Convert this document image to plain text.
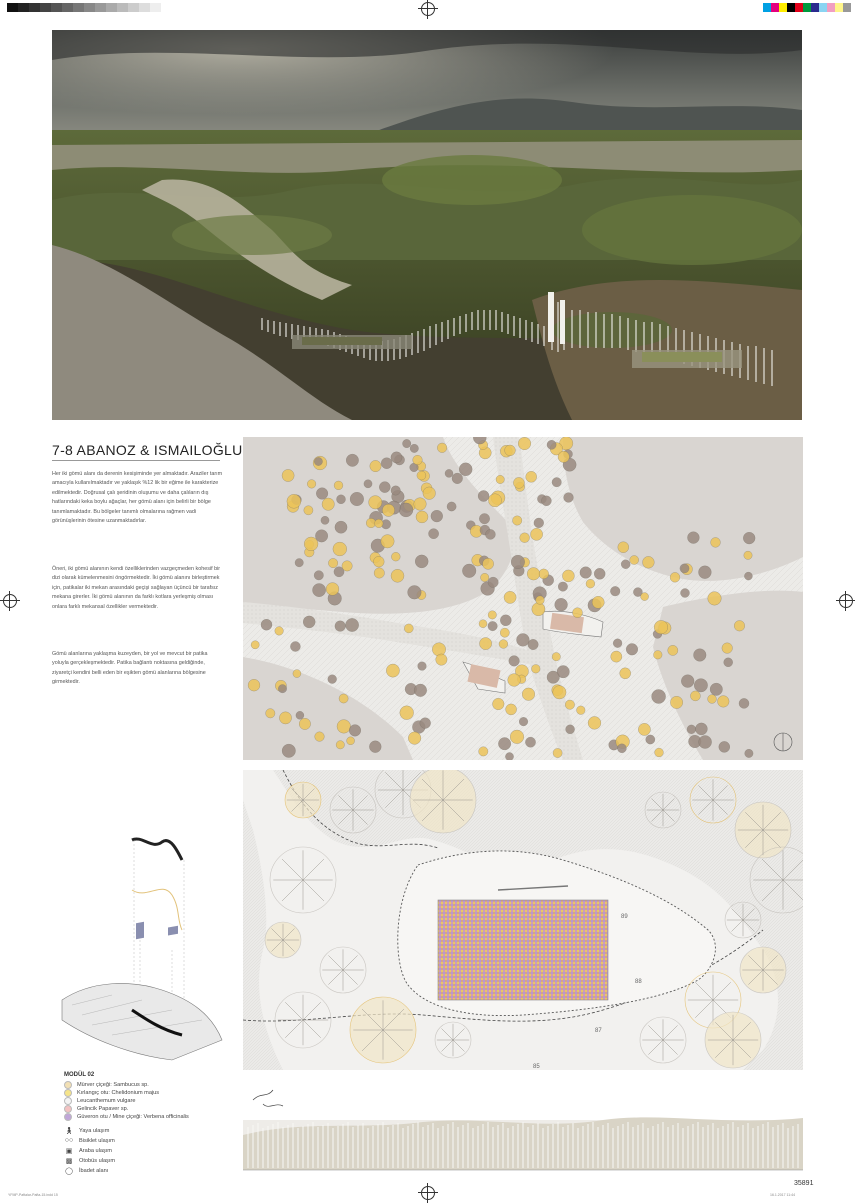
7-8 ABANOZ & ISMAILOĞLU
Her iki gömü alanı da derenin kesişiminde yer almaktadır. Araziler tarım amacıyla kullanılmaktadır ve yaklaşık %12 lik bir eğime ile karakterize edilmektedir. Doğrusal çalı şeridinin oluşumu ve daha çalıların dış hatlarındaki keka boylu ağaçlar, her gömü alanı için belirli bir bölge tanımlamaktadır. Bu bölgeler tanımlı olmalarına rağmen vadi görünüşlerinin ötesine uzanmaktadırlar.
Öneri, iki gömü alanının kendi özelliklerinden vazgeçmeden kohesif bir dizi olarak kümelenmesini öngörmektedir. İki gömü alanını birleştirmek için, patikalar iki mekan arasındaki geçişi sağlayan üçüncü bir tarafsız mekana girerler. İki gömü alanının da farklı kotlara yerleşmiş olması onlara farklı mekansal özellikler vermektedir.
Gömü alanlarına yaklaşma kuzeyden, bir yol ve mevcut bir patika yoluyla gerçekleşmektedir. Patika bağlantı noktasına geldiğinde, ziyaretçi kendini belli eden bir eşikten gömü alanlarına bölgesine girmektedir.
89
88
87
85
MODÜL 02
Mürver çiçeği: Sambucus sp.
Kırlangıç otu: Chelidonium majus
Leucanthemum vulgare
Gelincik Papaver sp.
Güveron otu / Mine çiçeği: Verbena officinalis
🚶︎ Yaya ulaşım
○○ Bisiklet ulaşım
▣	Araba ulaşım
▩	Otobüs ulaşım
◯ İbadet alanı
35891
YFMP-Paftalar-Pafta-15.indd 15	16.1.2017 11:44
